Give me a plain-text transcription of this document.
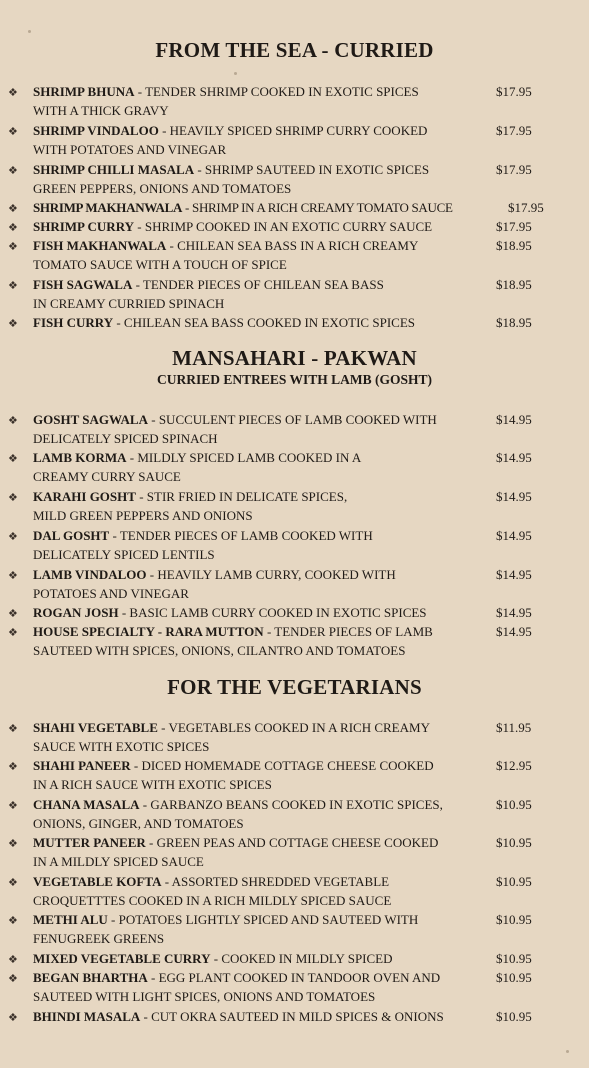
FROM THE SEA - CURRIED
❖ SHRIMP BHUNA - TENDER SHRIMP COOKED IN EXOTIC SPICES
WITH A THICK GRAVY
$17.95
❖ SHRIMP VINDALOO - HEAVILY SPICED SHRIMP CURRY COOKED
WITH POTATOES AND VINEGAR
$17.95
❖ SHRIMP CHILLI MASALA - SHRIMP SAUTEED IN EXOTIC SPICES
GREEN PEPPERS, ONIONS AND TOMATOES
$17.95
❖ SHRIMP MAKHANWALA - SHRIMP IN A RICH CREAMY TOMATO SAUCE	$17.95
❖ SHRIMP CURRY - SHRIMP COOKED IN AN EXOTIC CURRY SAUCE	$17.95
❖ FISH MAKHANWALA - CHILEAN SEA BASS IN A RICH CREAMY
TOMATO SAUCE WITH A TOUCH OF SPICE
$18.95
❖ FISH SAGWALA - TENDER PIECES OF CHILEAN SEA BASS
IN CREAMY CURRIED SPINACH
$18.95
❖ FISH CURRY - CHILEAN SEA BASS COOKED IN EXOTIC SPICES	$18.95
MANSAHARI - PAKWAN
CURRIED ENTREES WITH LAMB (GOSHT)
❖ GOSHT SAGWALA - SUCCULENT PIECES OF LAMB COOKED WITH
DELICATELY SPICED SPINACH
$14.95
❖ LAMB KORMA - MILDLY SPICED LAMB COOKED IN A
CREAMY CURRY SAUCE
$14.95
❖ KARAHI GOSHT - STIR FRIED IN DELICATE SPICES,
MILD GREEN PEPPERS AND ONIONS
$14.95
❖ DAL GOSHT - TENDER PIECES OF LAMB COOKED WITH
DELICATELY SPICED LENTILS
$14.95
❖ LAMB VINDALOO - HEAVILY LAMB CURRY, COOKED WITH
POTATOES AND VINEGAR
$14.95
❖ ROGAN JOSH - BASIC LAMB CURRY COOKED IN EXOTIC SPICES	$14.95
❖ HOUSE SPECIALTY - RARA MUTTON - TENDER PIECES OF LAMB
SAUTEED WITH SPICES, ONIONS, CILANTRO AND TOMATOES
$14.95
FOR THE VEGETARIANS
❖ SHAHI VEGETABLE - VEGETABLES COOKED IN A RICH CREAMY
SAUCE WITH EXOTIC SPICES
$11.95
❖ SHAHI PANEER - DICED HOMEMADE COTTAGE CHEESE COOKED
IN A RICH SAUCE WITH EXOTIC SPICES
$12.95
❖ CHANA MASALA - GARBANZO BEANS COOKED IN EXOTIC SPICES,
ONIONS, GINGER, AND TOMATOES
$10.95
❖ MUTTER PANEER - GREEN PEAS AND COTTAGE CHEESE COOKED
IN A MILDLY SPICED SAUCE
$10.95
❖ VEGETABLE KOFTA - ASSORTED SHREDDED VEGETABLE
CROQUETTTES COOKED IN A RICH MILDLY SPICED SAUCE
$10.95
❖ METHI ALU - POTATOES LIGHTLY SPICED AND SAUTEED WITH
FENUGREEK GREENS
$10.95
❖ MIXED VEGETABLE CURRY - COOKED IN MILDLY SPICED	$10.95
❖ BEGAN BHARTHA - EGG PLANT COOKED IN TANDOOR OVEN AND
SAUTEED WITH LIGHT SPICES, ONIONS AND TOMATOES
$10.95
❖ BHINDI MASALA - CUT OKRA SAUTEED IN MILD SPICES & ONIONS	$10.95
